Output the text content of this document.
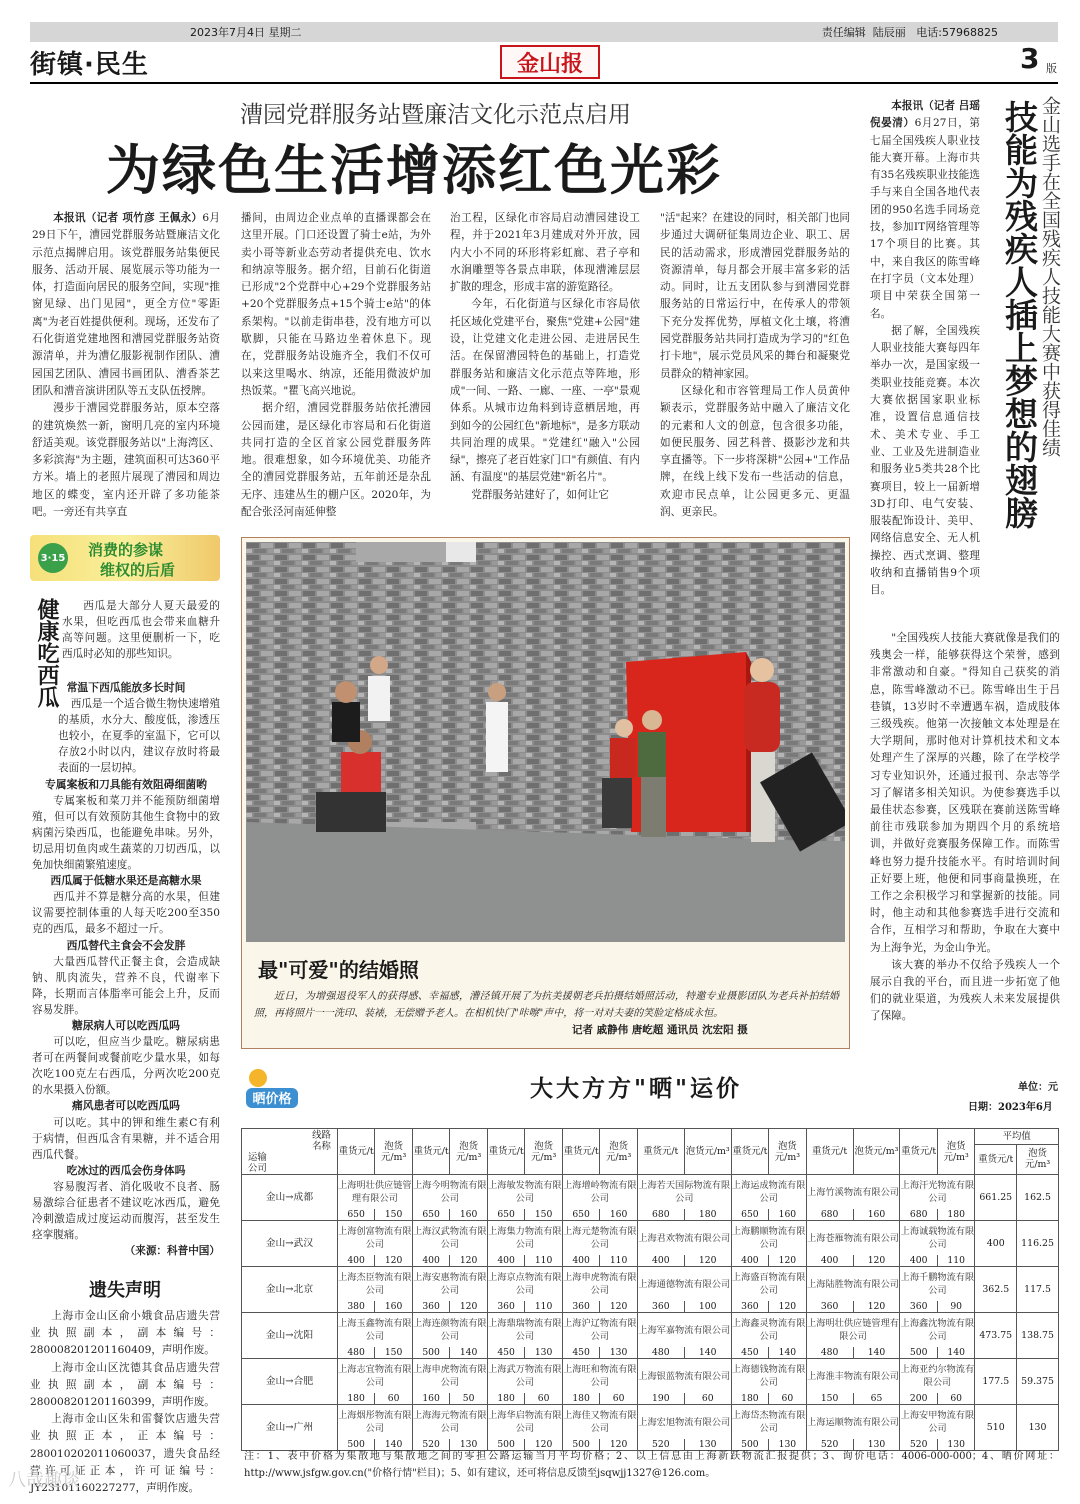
2023年7月4日 星期二	责任编辑 陆辰丽 电话:57968825
街镇·民生	金山报	3 版
漕园党群服务站暨廉洁文化示范点启用
为绿色生活增添红色光彩

本报讯（记者 项竹彦 王佩永）6月29日下午，漕园党群服务站暨廉洁文化示范点揭牌启用。该党群服务站集便民服务、活动开展、展览展示等功能为一体，打造面向居民的服务空间，实现"推窗见绿、出门见园"，更全方位"零距离"为老百姓提供便利。现场，还发布了石化街道党建地图和漕园党群服务站资源清单，并为漕亿服影视制作团队、漕园国艺团队、漕园书画团队、漕香茶艺团队和漕音演讲团队等五支队伍授牌。

漫步于漕园党群服务站，原本空落的建筑焕然一新，窗明几亮的室内环境舒适美观。该党群服务站以"上海湾区、多彩滨海"为主题，建筑面积可达360平方米。墙上的老照片展现了漕园和周边地区的蝶变，室内还开辟了多功能茶吧。一旁还有共享直

播间，由周边企业点单的直播课都会在这里开展。门口还设置了骑士e站，为外卖小哥等新业态劳动者提供充电、饮水和纳凉等服务。据介绍，目前石化街道已形成"2个党群中心+29个党群服务站+20个党群服务点+15个骑士e站"的体系架构。"以前走街串巷，没有地方可以歇脚，只能在马路边坐着休息下。现在，党群服务站设施齐全，我们不仅可以来这里喝水、纳凉，还能用微波炉加热饭菜。"瞿飞高兴地说。

据介绍，漕园党群服务站依托漕园公园而建，是区绿化市容局和石化街道共同打造的全区首家公园党群服务阵地。很难想象，如今环境优美、功能齐全的漕园党群服务站，五年前还是杂乱无序、违建丛生的棚户区。2020年，为配合张泾河南延伸整

治工程，区绿化市容局启动漕园建设工程，并于2021年3月建成对外开放，园内大小不同的环形将彩虹廊、君子亭和水涧雕塑等各景点串联，体现漕滩层层扩散的理念，形成丰富的游览路径。

今年，石化街道与区绿化市容局依托区域化党建平台，聚焦"党建+公园"建设，让党建文化走进公园、走进居民生活。在保留漕园特色的基础上，打造党群服务站和廉洁文化示范点等阵地，形成"一间、一路、一廊、一座、一亭"景观体系。从城市边角料到诗意栖居地，再到如今的公园红色"新地标"，是多方联动共同治理的成果。"党建红"融入"公园绿"，擦亮了老百姓家门口"有颜值、有内涵、有温度"的基层党建"新名片"。

党群服务站建好了，如何让它

"活"起来？在建设的同时，相关部门也同步通过大调研征集周边企业、职工、居民的活动需求，形成漕园党群服务站的资源清单，每月都会开展丰富多彩的活动。同时，让五支团队参与到漕园党群服务站的日常运行中，在传承人的带领下充分发挥优势，厚植文化土壤，将漕园党群服务站共同打造成为学习的"红色打卡地"，展示党员风采的舞台和凝聚党员群众的精神家园。

区绿化和市容管理局工作人员黄仲颖表示，党群服务站中融入了廉洁文化的元素和人文的创意，包含很多功能，如便民服务、园艺科普、摄影沙龙和共享直播等。下一步将深耕"公园+"工作品牌，在线上线下发布一些活动的信息，欢迎市民点单，让公园更多元、更温润、更亲民。

金山选手在全国残疾人技能大赛中获得佳绩
技能为残疾人插上梦想的翅膀

本报讯（记者 吕瑶 倪晏清）6月27日，第七届全国残疾人职业技能大赛开幕。上海市共有35名残疾职业技能选手与来自全国各地代表团的950名选手同场竞技，参加IT网络管理等17个项目的比赛。其中，来自我区的陈雪峰在打字员（文本处理）项目中荣获全国第一名。

据了解，全国残疾人职业技能大赛每四年举办一次，是国家级一类职业技能竞赛。本次大赛依据国家职业标准，设置信息通信技术、美术专业、手工业、工业及先进制造业和服务业5类共28个比赛项目，较上一届新增3D打印、电气安装、服装配饰设计、美甲、网络信息安全、无人机操控、西式烹调、整理收纳和直播销售9个项目。

"全国残疾人技能大赛就像是我们的残奥会一样，能够获得这个荣誉，感到非常激动和自豪。"得知自己获奖的消息，陈雪峰激动不已。陈雪峰出生于吕巷镇，13岁时不幸遭遇车祸，造成肢体三级残疾。他第一次接触文本处理是在大学期间，那时他对计算机技术和文本处理产生了深厚的兴趣，除了在学校学习专业知识外，还通过报刊、杂志等学习了解诸多相关知识。为使参赛选手以最佳状态参赛，区残联在赛前送陈雪峰前往市残联参加为期四个月的系统培训，并做好竞赛服务保障工作。而陈雪峰也努力提升技能水平。有时培训时间正好要上班，他便和同事商量换班，在工作之余积极学习和掌握新的技能。同时，他主动和其他参赛选手进行交流和合作，互相学习和帮助，争取在大赛中为上海争光，为金山争光。

该大赛的举办不仅给予残疾人一个展示自我的平台，而且进一步拓宽了他们的就业渠道，为残疾人未来发展提供了保障。

最"可爱"的结婚照
近日，为增强退役军人的获得感、幸福感，漕泾镇开展了为抗美援朝老兵拍摄结婚照活动，特邀专业摄影团队为老兵补拍结婚照，再将照片一一洗印、装裱，无偿赠予老人。在相机快门"咔嚓"声中，将一对对夫妻的笑脸定格成永恒。
记者 戚静伟 唐屹超 通讯员 沈宏阳 摄
3·15 消费的参谋
维权的后盾
健康吃西瓜	西瓜是大部分人夏天最爱的水果，但吃西瓜也会带来血糖升高等问题。这里便删析一下，吃西瓜时必知的那些知识。

常温下西瓜能放多长时间

西瓜是一个适合微生物快速增殖的基质，水分大、酸度低，渗透压也较小，在夏季的室温下，它可以存放2小时以内，建议存放时将最表面的一层切掉。

专属案板和刀具能有效阻碍细菌哟

专属案板和菜刀并不能预防细菌增殖，但可以有效预防其他生食物中的致病菌污染西瓜，也能避免串味。另外，切忌用切鱼肉或生蔬菜的刀切西瓜，以免加快细菌繁殖速度。

西瓜属于低糖水果还是高糖水果

西瓜并不算是糖分高的水果，但建议需要控制体重的人每天吃200至350克的西瓜，最多不超过一斤。

西瓜替代主食会不会发胖

大量西瓜替代正餐主食，会造成缺钠、肌肉流失，营养不良，代谢率下降，长期而言体脂率可能会上升，反而容易发胖。

糖尿病人可以吃西瓜吗

可以吃，但应当少量吃。糖尿病患者可在两餐间或餐前吃少量水果，如每次吃100克左右西瓜，分两次吃200克的水果摄入份额。

痛风患者可以吃西瓜吗

可以吃。其中的钾和维生素C有利于病情，但西瓜含有果糖，并不适合用西瓜代餐。

吃冰过的西瓜会伤身体吗

容易腹泻者、消化吸收不良者、肠易激综合征患者不建议吃冰西瓜，避免冷刺激造成过度运动而腹泻，甚至发生痉挛腹痛。

（来源：科普中国）
遗失声明

上海市金山区俞小娥食品店遗失营业执照副本，副本编号：280008201201160409，声明作废。

上海市金山区沈德其食品店遗失营业执照副本，副本编号：280008201201160399，声明作废。

上海市金山区朱和雷餐饮店遗失营业执照正本，正本编号：280010202011060037，遗失食品经营许可证正本，许可证编号：JY23101160227277，声明作废。

晒价格	大大方方"晒"运价	单位：元
日期：2023年6月
线路
名称
运输公司	重货元/t	泡货元/m³	重货元/t	泡货元/m³	重货元/t	泡货元/m³	重货元/t	泡货元/m³	重货元/t	泡货元/m³	重货元/t	泡货元/m³	重货元/t	泡货元/m³	重货元/t	泡货元/m³	平均值	
																	重货元/t	泡货元/m³
金山→成都	上海明壮供应链管理有限公司		上海今明物流有限公司		上海敏发物流有限公司		上海增岭物流有限公司		上海若天国际物流有限公司		上海运成物流有限公司		上海竹溪物流有限公司		上海汗光物流有限公司		661.25	162.5
	650	150	650	160	650	150	650	160	680	180	650	160	680	160	680	180		
金山→武汉	上海创富物流有限公司		上海汉武物流有限公司		上海集力物流有限公司		上海元楚物流有限公司		上海君欢物流有限公司		上海鹏顺物流有限公司		上海苍雁物流有限公司		上海诚载物流有限公司		400	116.25
	400	120	400	120	400	110	400	110	400	120	400	120	400	120	400	110		
金山→北京	上海杰臣物流有限公司		上海安惠物流有限公司		上海京点物流有限公司		上海申虎物流有限公司		上海通德物流有限公司		上海盛百物流有限公司		上海陆胜物流有限公司		上海千鹏物流有限公司		362.5	117.5
	380	160	360	120	360	110	360	120	360	100	360	120	360	120	360	90		
金山→沈阳	上海玉鑫物流有限公司		上海连颜物流有限公司		上海鼎瑞物流有限公司		上海沪辽物流有限公司		上海军嘉物流有限公司		上海鑫灵物流有限公司		上海明壮供应链管理有限公司		上海鑫沈物流有限公司		473.75	138.75
	480	150	500	140	450	130	450	130	480	140	450	140	480	140	500	140		
金山→合肥	上海志宜物流有限公司		上海申虎物流有限公司		上海武万物流有限公司		上海旺和物流有限公司		上海银蓝物流有限公司		上海德钱物流有限公司		上海淮丰物流有限公司		上海亚约尔物流有限公司		177.5	59.375
	180	60	160	50	180	60	180	60	190	60	180	60	150	65	200	60		
金山→广州	上海烟彤物流有限公司		上海海元物流有限公司		上海华启物流有限公司		上海佳又物流有限公司		上海宏旭物流有限公司		上海岱杰物流有限公司		上海运顺物流有限公司		上海安甲物流有限公司		510	130
	500	140	520	130	500	120	500	120	520	130	500	130	520	130	520	130		
注：1、表中价格为集散地与集散地之间的零担公路运输当月平均价格；2、以上信息由上海新跃物流汇报提供；3、询价电话：4006-000-000；4、晒价网址：http://www.jsfgw.gov.cn("价格行情"栏目)；5、如有建议，还可将信息反馈至jsqwjj1327@126.com。
八哉趣谈
